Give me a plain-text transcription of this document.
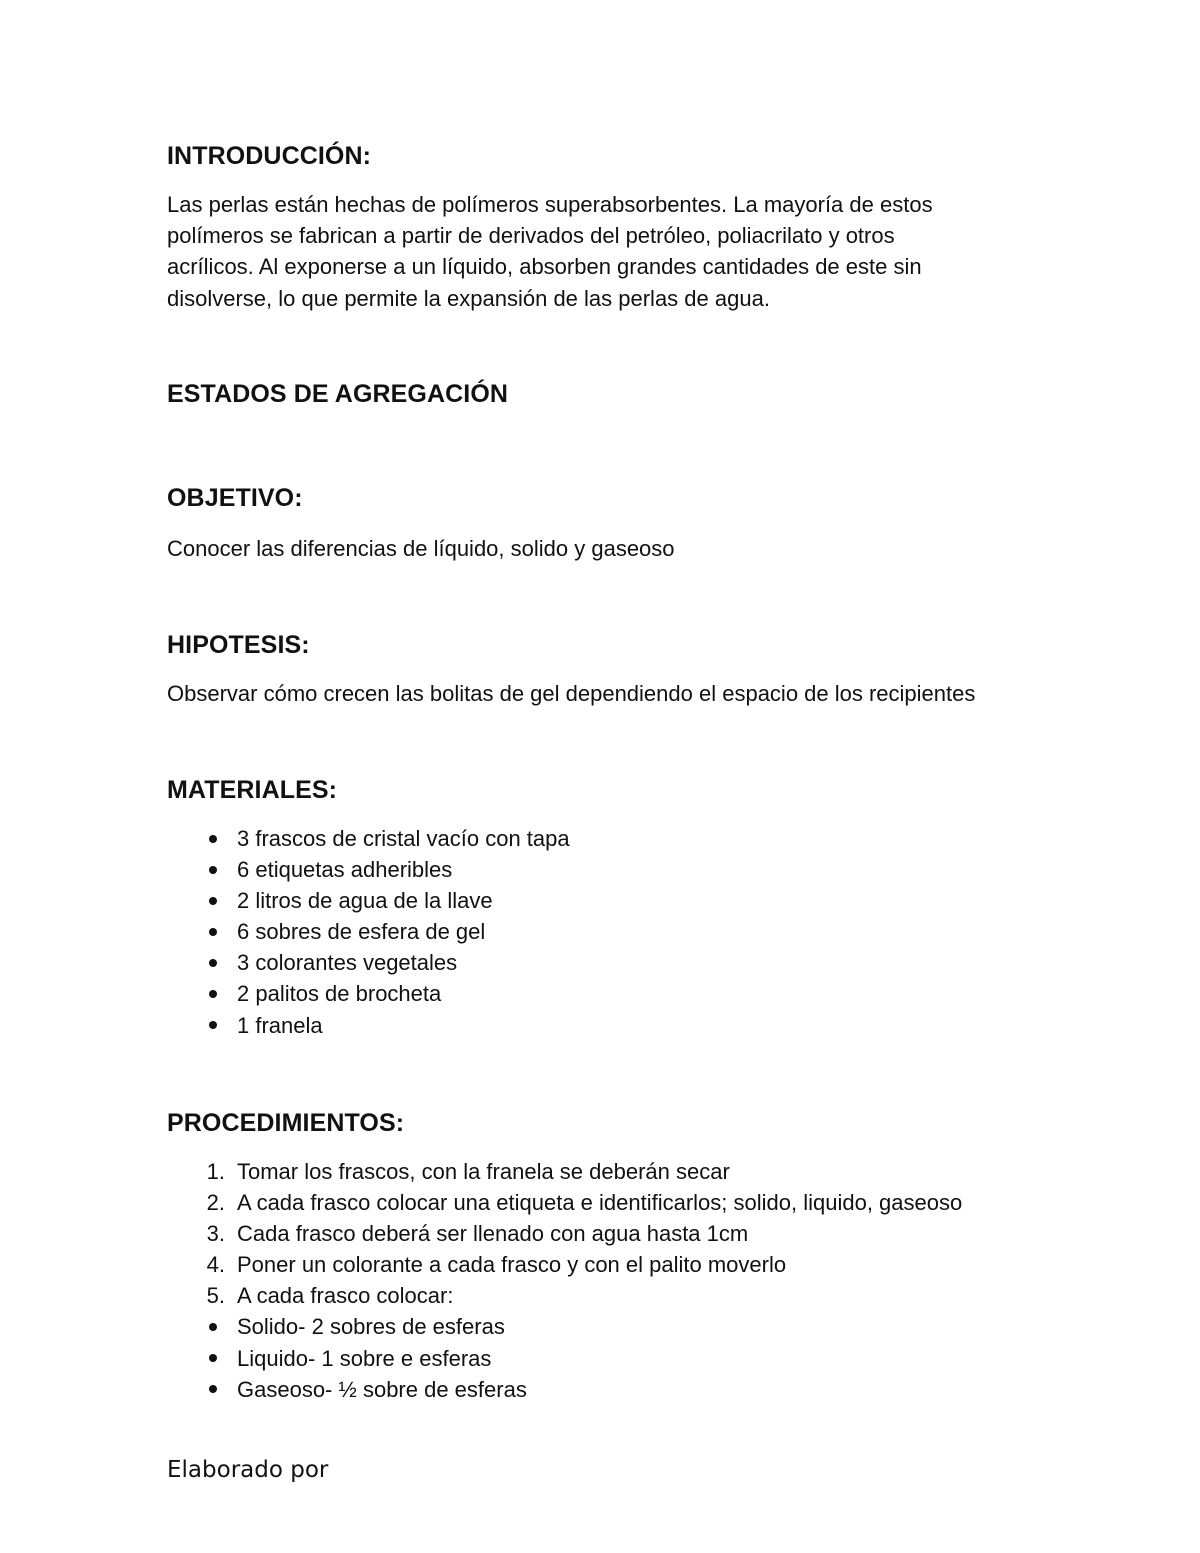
INTRODUCCIÓN:
Las perlas están hechas de polímeros superabsorbentes. La mayoría de estos
polímeros se fabrican a partir de derivados del petróleo, poliacrilato y otros
acrílicos. Al exponerse a un líquido, absorben grandes cantidades de este sin
disolverse, lo que permite la expansión de las perlas de agua.
ESTADOS DE AGREGACIÓN
OBJETIVO:
Conocer las diferencias de líquido, solido y gaseoso
HIPOTESIS:
Observar cómo crecen las bolitas de gel dependiendo el espacio de los recipientes
MATERIALES:
3 frascos de cristal vacío con tapa
6 etiquetas adheribles
2 litros de agua de la llave
6 sobres de esfera de gel
3 colorantes vegetales
2 palitos de brocheta
1 franela
PROCEDIMIENTOS:
1. Tomar los frascos, con la franela se deberán secar
2. A cada frasco colocar una etiqueta e identificarlos; solido, liquido, gaseoso
3. Cada frasco deberá ser llenado con agua hasta 1cm
4. Poner un colorante a cada frasco y con el palito moverlo
5. A cada frasco colocar:
Solido- 2 sobres de esferas
Liquido- 1 sobre e esferas
Gaseoso- ½ sobre de esferas
Elaborado por
